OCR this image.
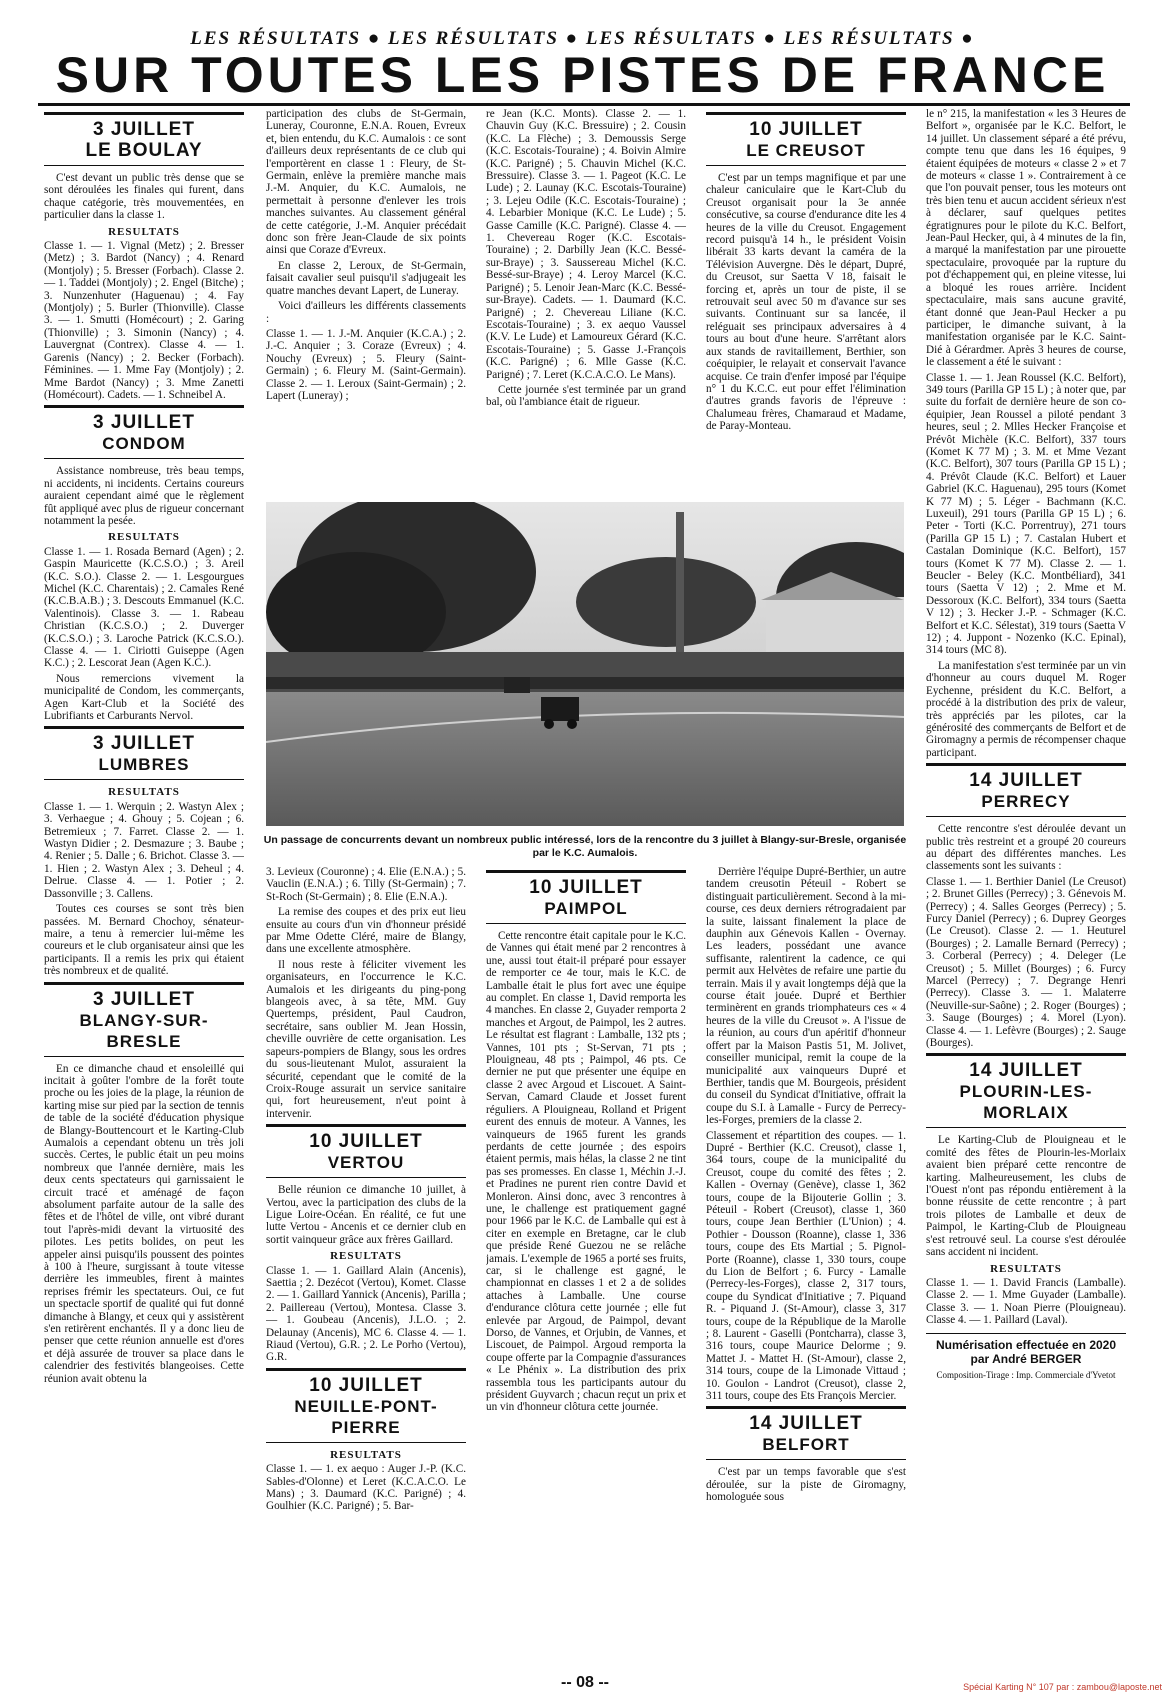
LES RÉSULTATS ● LES RÉSULTATS ● LES RÉSULTATS ● LES RÉSULTATS ●
SUR TOUTES LES PISTES DE FRANCE
3 JUILLET
LE BOULAY

C'est devant un public très dense que se sont déroulées les finales qui furent, dans chaque catégorie, très mouvementées, en particulier dans la classe 1.

RESULTATS

Classe 1. — 1. Vignal (Metz) ; 2. Bresser (Metz) ; 3. Bardot (Nancy) ; 4. Renard (Montjoly) ; 5. Bresser (Forbach). Classe 2. — 1. Taddei (Montjoly) ; 2. Engel (Bitche) ; 3. Nunzenhuter (Haguenau) ; 4. Fay (Montjoly) ; 5. Burler (Thionville). Classe 3. — 1. Smutti (Homécourt) ; 2. Garing (Thionville) ; 3. Simonin (Nancy) ; 4. Lauvergnat (Contrex). Classe 4. — 1. Garenis (Nancy) ; 2. Becker (Forbach). Féminines. — 1. Mme Fay (Montjoly) ; 2. Mme Bardot (Nancy) ; 3. Mme Zanetti (Homécourt). Cadets. — 1. Schneibel A.

3 JUILLET
CONDOM

Assistance nombreuse, très beau temps, ni accidents, ni incidents. Certains coureurs auraient cependant aimé que le règlement fût appliqué avec plus de rigueur concernant notamment la pesée.

RESULTATS

Classe 1. — 1. Rosada Bernard (Agen) ; 2. Gaspin Mauricette (K.C.S.O.) ; 3. Areil (K.C. S.O.). Classe 2. — 1. Lesgourgues Michel (K.C. Charentais) ; 2. Camales René (K.C.B.A.B.) ; 3. Descouts Emmanuel (K.C. Valentinois). Classe 3. — 1. Rabeau Christian (K.C.S.O.) ; 2. Duverger (K.C.S.O.) ; 3. Laroche Patrick (K.C.S.O.). Classe 4. — 1. Ciriotti Guiseppe (Agen K.C.) ; 2. Lescorat Jean (Agen K.C.).

Nous remercions vivement la municipalité de Condom, les commerçants, Agen Kart-Club et la Société des Lubrifiants et Carburants Nervol.

3 JUILLET
LUMBRES
RESULTATS

Classe 1. — 1. Werquin ; 2. Wastyn Alex ; 3. Verhaegue ; 4. Ghouy ; 5. Cojean ; 6. Betremieux ; 7. Farret. Classe 2. — 1. Wastyn Didier ; 2. Desmazure ; 3. Baube ; 4. Renier ; 5. Dalle ; 6. Brichot. Classe 3. — 1. Hien ; 2. Wastyn Alex ; 3. Deheul ; 4. Delrue. Classe 4. — 1. Potier ; 2. Dassonville ; 3. Callens.

Toutes ces courses se sont très bien passées. M. Bernard Chochoy, sénateur-maire, a tenu à remercier lui-même les coureurs et le club organisateur ainsi que les participants. Il a remis les prix qui étaient très nombreux et de qualité.

3 JUILLET
BLANGY-SUR-BRESLE

En ce dimanche chaud et ensoleillé qui incitait à goûter l'ombre de la forêt toute proche ou les joies de la plage, la réunion de karting mise sur pied par la section de tennis de table de la société d'éducation physique de Blangy-Bouttencourt et le Karting-Club Aumalois a cependant obtenu un très joli succès. Certes, le public était un peu moins nombreux que l'année dernière, mais les deux cents spectateurs qui garnissaient le circuit tracé et aménagé de façon absolument parfaite autour de la salle des fêtes et de l'hôtel de ville, ont vibré durant tout l'après-midi devant la virtuosité des pilotes. Les petits bolides, on peut les appeler ainsi puisqu'ils poussent des pointes à 100 à l'heure, surgissant à toute vitesse derrière les immeubles, firent à maintes reprises frémir les spectateurs. Oui, ce fut un spectacle sportif de qualité qui fut donné dimanche à Blangy, et ceux qui y assistèrent s'en retirèrent enchantés. Il y a donc lieu de penser que cette réunion annuelle est d'ores et déjà assurée de trouver sa place dans le calendrier des festivités blangeoises. Cette réunion avait obtenu la

participation des clubs de St-Germain, Luneray, Couronne, E.N.A. Rouen, Evreux et, bien entendu, du K.C. Aumalois : ce sont d'ailleurs deux représentants de ce club qui l'emportèrent en classe 1 : Fleury, de St-Germain, enlève la première manche mais J.-M. Anquier, du K.C. Aumalois, ne permettait à personne d'enlever les trois manches suivantes. Au classement général de cette catégorie, J.-M. Anquier précédait donc son frère Jean-Claude de six points ainsi que Coraze d'Evreux.

En classe 2, Leroux, de St-Germain, faisait cavalier seul puisqu'il s'adjugeait les quatre manches devant Lapert, de Luneray.

Voici d'ailleurs les différents classements :

Classe 1. — 1. J.-M. Anquier (K.C.A.) ; 2. J.-C. Anquier ; 3. Coraze (Evreux) ; 4. Nouchy (Evreux) ; 5. Fleury (Saint-Germain) ; 6. Fleury M. (Saint-Germain). Classe 2. — 1. Leroux (Saint-Germain) ; 2. Lapert (Luneray) ;

re Jean (K.C. Monts). Classe 2. — 1. Chauvin Guy (K.C. Bressuire) ; 2. Cousin (K.C. La Flèche) ; 3. Demoussis Serge (K.C. Escotais-Touraine) ; 4. Boivin Almire (K.C. Parigné) ; 5. Chauvin Michel (K.C. Bressuire). Classe 3. — 1. Pageot (K.C. Le Lude) ; 2. Launay (K.C. Escotais-Touraine) ; 3. Lejeu Odile (K.C. Escotais-Touraine) ; 4. Lebarbier Monique (K.C. Le Lude) ; 5. Gasse Camille (K.C. Parigné). Classe 4. — 1. Chevereau Roger (K.C. Escotais-Touraine) ; 2. Darbilly Jean (K.C. Bessé-sur-Braye) ; 3. Saussereau Michel (K.C. Bessé-sur-Braye) ; 4. Leroy Marcel (K.C. Parigné) ; 5. Lenoir Jean-Marc (K.C. Bessé-sur-Braye). Cadets. — 1. Daumard (K.C. Parigné) ; 2. Chevereau Liliane (K.C. Escotais-Touraine) ; 3. ex aequo Vaussel (K.V. Le Lude) et Lamoureux Gérard (K.C. Escotais-Touraine) ; 5. Gasse J.-François (K.C. Parigné) ; 6. Mlle Gasse (K.C. Parigné) ; 7. Leret (K.C.A.C.O. Le Mans).

Cette journée s'est terminée par un grand bal, où l'ambiance était de rigueur.

10 JUILLET
LE CREUSOT

C'est par un temps magnifique et par une chaleur caniculaire que le Kart-Club du Creusot organisait pour la 3e année consécutive, sa course d'endurance dite les 4 heures de la ville du Creusot. Engagement record puisqu'à 14 h., le président Voisin libérait 33 karts devant la caméra de la Télévision Auvergne. Dès le départ, Dupré, du Creusot, sur Saetta V 18, faisait le forcing et, après un tour de piste, il se retrouvait seul avec 50 m d'avance sur ses suivants. Continuant sur sa lancée, il reléguait ses principaux adversaires à 4 tours au bout d'une heure. S'arrêtant alors aux stands de ravitaillement, Berthier, son coéquipier, le relayait et conservait l'avance acquise. Ce train d'enfer imposé par l'équipe n° 1 du K.C.C. eut pour effet l'élimination d'autres grands favoris de l'épreuve : Chalumeau frères, Chamaraud et Madame, de Paray-Monteau.

Un passage de concurrents devant un nombreux public intéressé, lors de la rencontre du 3 juillet à Blangy-sur-Bresle, organisée par le K.C. Aumalois.

3. Levieux (Couronne) ; 4. Elie (E.N.A.) ; 5. Vauclin (E.N.A.) ; 6. Tilly (St-Germain) ; 7. St-Roch (St-Germain) ; 8. Elie (E.N.A.).

La remise des coupes et des prix eut lieu ensuite au cours d'un vin d'honneur présidé par Mme Odette Cléré, maire de Blangy, dans une excellente atmosphère.

Il nous reste à féliciter vivement les organisateurs, en l'occurrence le K.C. Aumalois et les dirigeants du ping-pong blangeois avec, à sa tête, MM. Guy Quertemps, président, Paul Caudron, secrétaire, sans oublier M. Jean Hossin, cheville ouvrière de cette organisation. Les sapeurs-pompiers de Blangy, sous les ordres du sous-lieutenant Mulot, assuraient la sécurité, cependant que le comité de la Croix-Rouge assurait un service sanitaire qui, fort heureusement, n'eut point à intervenir.

10 JUILLET
VERTOU

Belle réunion ce dimanche 10 juillet, à Vertou, avec la participation des clubs de la Ligue Loire-Océan. En réalité, ce fut une lutte Vertou - Ancenis et ce dernier club en sortit vainqueur grâce aux frères Gaillard.

RESULTATS

Classe 1. — 1. Gaillard Alain (Ancenis), Saettia ; 2. Dezécot (Vertou), Komet. Classe 2. — 1. Gaillard Yannick (Ancenis), Parilla ; 2. Paillereau (Vertou), Montesa. Classe 3. — 1. Goubeau (Ancenis), J.L.O. ; 2. Delaunay (Ancenis), MC 6. Classe 4. — 1. Riaud (Vertou), G.R. ; 2. Le Porho (Vertou), G.R.

10 JUILLET
NEUILLE-PONT-PIERRE
RESULTATS

Classe 1. — 1. ex aequo : Auger J.-P. (K.C. Sables-d'Olonne) et Leret (K.C.A.C.O. Le Mans) ; 3. Daumard (K.C. Parigné) ; 4. Goulhier (K.C. Parigné) ; 5. Bar-

10 JUILLET
PAIMPOL

Cette rencontre était capitale pour le K.C. de Vannes qui était mené par 2 rencontres à une, aussi tout était-il préparé pour essayer de remporter ce 4e tour, mais le K.C. de Lamballe était le plus fort avec une équipe au complet. En classe 1, David remporta les 4 manches. En classe 2, Guyader remporta 2 manches et Argout, de Paimpol, les 2 autres. Le résultat est flagrant : Lamballe, 132 pts ; Vannes, 101 pts ; St-Servan, 71 pts ; Plouigneau, 48 pts ; Paimpol, 46 pts. Ce dernier ne put que présenter une équipe en classe 2 avec Argoud et Liscouet. A Saint-Servan, Camard Claude et Josset furent réguliers. A Plouigneau, Rolland et Prigent eurent des ennuis de moteur. A Vannes, les vainqueurs de 1965 furent les grands perdants de cette journée ; des espoirs étaient permis, mais hélas, la classe 2 ne tint pas ses promesses. En classe 1, Méchin J.-J. et Pradines ne purent rien contre David et Monleron. Ainsi donc, avec 3 rencontres à une, le challenge est pratiquement gagné pour 1966 par le K.C. de Lamballe qui est à citer en exemple en Bretagne, car le club que préside René Guezou ne se relâche jamais. L'exemple de 1965 a porté ses fruits, car, si le challenge est gagné, le championnat en classes 1 et 2 a de solides attaches à Lamballe. Une course d'endurance clôtura cette journée ; elle fut enlevée par Argoud, de Paimpol, devant Dorso, de Vannes, et Orjubin, de Vannes, et Liscouet, de Paimpol. Argoud remporta la coupe offerte par la Compagnie d'assurances « Le Phénix ». La distribution des prix rassembla tous les participants autour du président Guyvarch ; chacun reçut un prix et un vin d'honneur clôtura cette journée.

Derrière l'équipe Dupré-Berthier, un autre tandem creusotin Péteuil - Robert se distinguait particulièrement. Second à la mi-course, ces deux derniers rétrogradaient par la suite, laissant finalement la place de dauphin aux Génevois Kallen - Overnay. Les leaders, possédant une avance suffisante, ralentirent la cadence, ce qui permit aux Helvètes de refaire une partie du terrain. Mais il y avait longtemps déjà que la course était jouée. Dupré et Berthier terminèrent en grands triomphateurs ces « 4 heures de la ville du Creusot ». A l'issue de la réunion, au cours d'un apéritif d'honneur offert par la Maison Pastis 51, M. Jolivet, conseiller municipal, remit la coupe de la municipalité aux vainqueurs Dupré et Berthier, tandis que M. Bourgeois, président du conseil du Syndicat d'Initiative, offrait la coupe du S.I. à Lamalle - Furcy de Perrecy-les-Forges, premiers de la classe 2.

Classement et répartition des coupes. — 1. Dupré - Berthier (K.C. Creusot), classe 1, 364 tours, coupe de la municipalité du Creusot, coupe du comité des fêtes ; 2. Kallen - Overnay (Genève), classe 1, 362 tours, coupe de la Bijouterie Gollin ; 3. Péteuil - Robert (Creusot), classe 1, 360 tours, coupe Jean Berthier (L'Union) ; 4. Pothier - Dousson (Roanne), classe 1, 336 tours, coupe des Ets Martial ; 5. Pignol-Porte (Roanne), classe 1, 330 tours, coupe du Lion de Belfort ; 6. Furcy - Lamalle (Perrecy-les-Forges), classe 2, 317 tours, coupe du Syndicat d'Initiative ; 7. Piquand R. - Piquand J. (St-Amour), classe 3, 317 tours, coupe de la République de la Marolle ; 8. Laurent - Gaselli (Pontcharra), classe 3, 316 tours, coupe Maurice Delorme ; 9. Mattet J. - Mattet H. (St-Amour), classe 2, 314 tours, coupe de la Limonade Vittaud ; 10. Goulon - Landrot (Creusot), classe 2, 311 tours, coupe des Ets François Mercier.

14 JUILLET
BELFORT

C'est par un temps favorable que s'est déroulée, sur la piste de Giromagny, homologuée sous

le n° 215, la manifestation « les 3 Heures de Belfort », organisée par le K.C. Belfort, le 14 juillet. Un classement séparé a été prévu, compte tenu que dans les 16 équipes, 9 étaient équipées de moteurs « classe 2 » et 7 de moteurs « classe 1 ». Contrairement à ce que l'on pouvait penser, tous les moteurs ont très bien tenu et aucun accident sérieux n'est à déclarer, sauf quelques petites égratignures pour le pilote du K.C. Belfort, Jean-Paul Hecker, qui, à 4 minutes de la fin, a marqué la manifestation par une pirouette spectaculaire, provoquée par la rupture du pot d'échappement qui, en pleine vitesse, lui a bloqué les roues arrière. Incident spectaculaire, mais sans aucune gravité, étant donné que Jean-Paul Hecker a pu participer, le dimanche suivant, à la manifestation organisée par le K.C. Saint-Dié à Gérardmer. Après 3 heures de course, le classement a été le suivant :

Classe 1. — 1. Jean Roussel (K.C. Belfort), 349 tours (Parilla GP 15 L) ; à noter que, par suite du forfait de dernière heure de son co-équipier, Jean Roussel a piloté pendant 3 heures, seul ; 2. Mlles Hecker Françoise et Prévôt Michèle (K.C. Belfort), 337 tours (Komet K 77 M) ; 3. M. et Mme Vezant (K.C. Belfort), 307 tours (Parilla GP 15 L) ; 4. Prévôt Claude (K.C. Belfort) et Lauer Gabriel (K.C. Haguenau), 295 tours (Komet K 77 M) ; 5. Léger - Bachmann (K.C. Luxeuil), 291 tours (Parilla GP 15 L) ; 6. Peter - Torti (K.C. Porrentruy), 271 tours (Parilla GP 15 L) ; 7. Castalan Hubert et Castalan Dominique (K.C. Belfort), 157 tours (Komet K 77 M). Classe 2. — 1. Beucler - Beley (K.C. Montbéliard), 341 tours (Saetta V 12) ; 2. Mme et M. Dessoroux (K.C. Belfort), 334 tours (Saetta V 12) ; 3. Hecker J.-P. - Schmager (K.C. Belfort et K.C. Sélestat), 319 tours (Saetta V 12) ; 4. Juppont - Nozenko (K.C. Epinal), 314 tours (MC 8).

La manifestation s'est terminée par un vin d'honneur au cours duquel M. Roger Eychenne, président du K.C. Belfort, a procédé à la distribution des prix de valeur, très appréciés par les pilotes, car la générosité des commerçants de Belfort et de Giromagny a permis de récompenser chaque participant.

14 JUILLET
PERRECY

Cette rencontre s'est déroulée devant un public très restreint et a groupé 20 coureurs au départ des différentes manches. Les classements sont les suivants :

Classe 1. — 1. Berthier Daniel (Le Creusot) ; 2. Brunet Gilles (Perrecy) ; 3. Génevois M. (Perrecy) ; 4. Salles Georges (Perrecy) ; 5. Furcy Daniel (Perrecy) ; 6. Duprey Georges (Le Creusot). Classe 2. — 1. Heuturel (Bourges) ; 2. Lamalle Bernard (Perrecy) ; 3. Corberal (Perrecy) ; 4. Deleger (Le Creusot) ; 5. Millet (Bourges) ; 6. Furcy Marcel (Perrecy) ; 7. Degrange Henri (Perrecy). Classe 3. — 1. Malaterre (Neuville-sur-Saône) ; 2. Roger (Bourges) ; 3. Sauge (Bourges) ; 4. Morel (Lyon). Classe 4. — 1. Lefèvre (Bourges) ; 2. Sauge (Bourges).

14 JUILLET
PLOURIN-LES-MORLAIX

Le Karting-Club de Plouigneau et le comité des fêtes de Plourin-les-Morlaix avaient bien préparé cette rencontre de karting. Malheureusement, les clubs de l'Ouest n'ont pas répondu entièrement à la bonne réussite de cette rencontre ; à part trois pilotes de Lamballe et deux de Paimpol, le Karting-Club de Plouigneau s'est retrouvé seul. La course s'est déroulée sans accident ni incident.

RESULTATS

Classe 1. — 1. David Francis (Lamballe). Classe 2. — 1. Mme Guyader (Lamballe). Classe 3. — 1. Noan Pierre (Plouigneau). Classe 4. — 1. Paillard (Laval).

Numérisation effectuée en 2020 par André BERGER
Composition-Tirage : Imp. Commerciale d'Yvetot
-- 08 --	Spécial Karting N° 107 par : zambou@laposte.net
